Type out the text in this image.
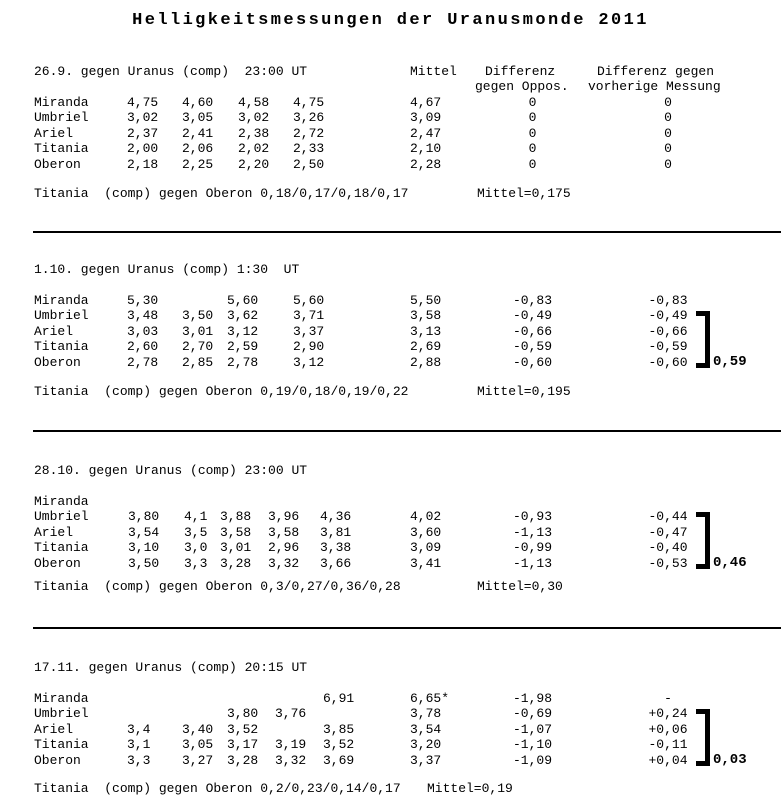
Helligkeitsmessungen der Uranusmonde 2011
26.9. gegen Uranus (comp)  23:00 UT	Mittel Differenz	Differenz gegen
gegen Oppos. vorherige Messung
Miranda	4,75 4,60 4,58 4,75	4,67	0	0
Umbriel	3,02 3,05 3,02 3,26	3,09	0	0
Ariel	2,37 2,41 2,38 2,72	2,47	0	0
Titania	2,00 2,06 2,02 2,33	2,10	0	0
Oberon	2,18 2,25 2,20 2,50	2,28	0	0
Titania  (comp) gegen Oberon 0,18/0,17/0,18/0,17	Mittel=0,175
1.10. gegen Uranus (comp) 1:30  UT
Miranda	5,30	5,60	5,60	5,50	-0,83	-0,83
Umbriel	3,48 3,50 3,62	3,71	3,58	-0,49	-0,49
Ariel	3,03 3,01 3,12	3,37	3,13	-0,66	-0,66
Titania	2,60 2,70 2,59	2,90	2,69	-0,59	-0,59
Oberon	2,78 2,85 2,78	3,12	2,88	-0,60	-0,60	0,59
Titania  (comp) gegen Oberon 0,19/0,18/0,19/0,22	Mittel=0,195
28.10. gegen Uranus (comp) 23:00 UT
Miranda
Umbriel	3,80 4,1 3,88 3,96 4,36	4,02	-0,93	-0,44
Ariel	3,54 3,5 3,58 3,58 3,81	3,60	-1,13	-0,47
Titania	3,10 3,0 3,01 2,96 3,38	3,09	-0,99	-0,40
Oberon	3,50 3,3 3,28 3,32 3,66	3,41	-1,13	-0,53	0,46
Titania  (comp) gegen Oberon 0,3/0,27/0,36/0,28	Mittel=0,30
17.11. gegen Uranus (comp) 20:15 UT
Miranda	6,91	6,65*	-1,98	-
Umbriel	3,80 3,76	3,78	-0,69	+0,24
Ariel	3,4 3,40 3,52	3,85	3,54	-1,07	+0,06
Titania	3,1 3,05 3,17 3,19 3,52	3,20	-1,10	-0,11
Oberon	3,3 3,27 3,28 3,32 3,69	3,37	-1,09	+0,04	0,03
Titania  (comp) gegen Oberon 0,2/0,23/0,14/0,17 Mittel=0,19
